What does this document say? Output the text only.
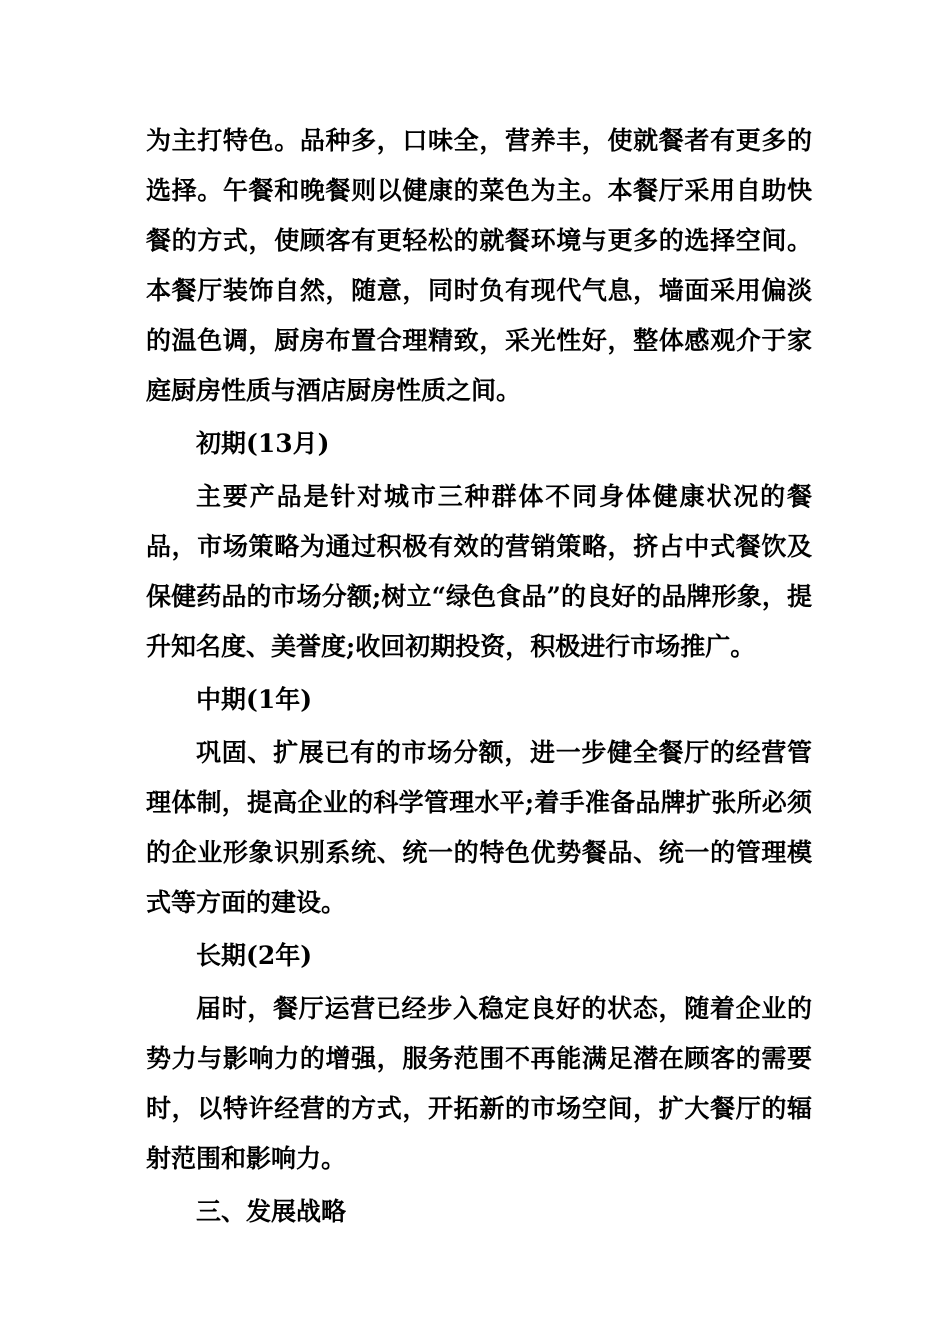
为主打特色。品种多，口味全，营养丰，使就餐者有更多的选择。午餐和晚餐则以健康的菜色为主。本餐厅采用自助快餐的方式，使顾客有更轻松的就餐环境与更多的选择空间。本餐厅装饰自然，随意，同时负有现代气息，墙面采用偏淡的温色调，厨房布置合理精致，采光性好，整体感观介于家庭厨房性质与酒店厨房性质之间。

初期(13月)

主要产品是针对城市三种群体不同身体健康状况的餐品，市场策略为通过积极有效的营销策略，挤占中式餐饮及保健药品的市场分额;树立“绿色食品”的良好的品牌形象，提升知名度、美誉度;收回初期投资，积极进行市场推广。

中期(1年)

巩固、扩展已有的市场分额，进一步健全餐厅的经营管理体制，提高企业的科学管理水平;着手准备品牌扩张所必须的企业形象识别系统、统一的特色优势餐品、统一的管理模式等方面的建设。

长期(2年)

届时，餐厅运营已经步入稳定良好的状态，随着企业的势力与影响力的增强，服务范围不再能满足潜在顾客的需要时，以特许经营的方式，开拓新的市场空间，扩大餐厅的辐射范围和影响力。

三、发展战略
